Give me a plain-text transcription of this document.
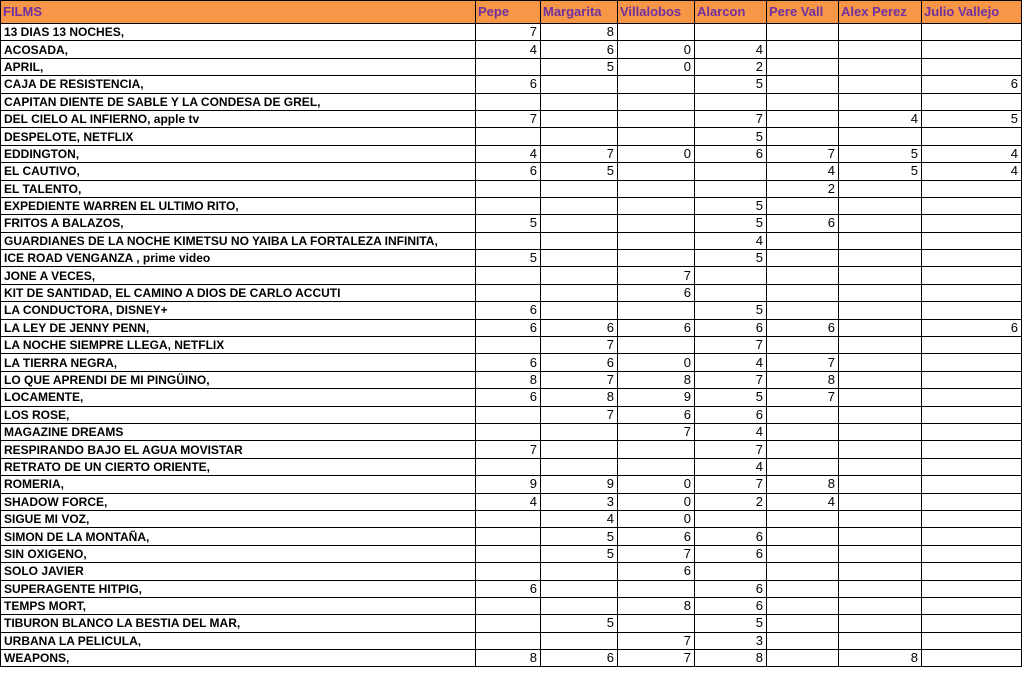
FILMS	Pepe	Margarita	Villalobos	Alarcon	Pere Vall	Alex Perez	Julio Vallejo
13 DIAS 13 NOCHES,	7	8					
ACOSADA,	4	6	0	4			
APRIL,		5	0	2			
CAJA DE RESISTENCIA,	6			5			6
CAPITAN DIENTE DE SABLE Y LA CONDESA DE GREL,							
DEL CIELO AL INFIERNO, apple tv	7			7		4	5
DESPELOTE, NETFLIX				5			
EDDINGTON,	4	7	0	6	7	5	4
EL CAUTIVO,	6	5			4	5	4
EL TALENTO,					2		
EXPEDIENTE WARREN EL ULTIMO RITO,				5			
FRITOS A BALAZOS,	5			5	6		
GUARDIANES DE LA NOCHE KIMETSU NO YAIBA LA FORTALEZA INFINITA,				4			
ICE ROAD VENGANZA , prime video	5			5			
JONE A VECES,			7				
KIT DE SANTIDAD, EL CAMINO A DIOS DE CARLO ACCUTI			6				
LA CONDUCTORA, DISNEY+	6			5			
LA LEY DE JENNY PENN,	6	6	6	6	6		6
LA NOCHE SIEMPRE LLEGA, NETFLIX		7		7			
LA TIERRA NEGRA,	6	6	0	4	7		
LO QUE APRENDI DE MI PINGÜINO,	8	7	8	7	8		
LOCAMENTE,	6	8	9	5	7		
LOS ROSE,		7	6	6			
MAGAZINE DREAMS			7	4			
RESPIRANDO BAJO EL AGUA MOVISTAR	7			7			
RETRATO DE UN CIERTO ORIENTE,				4			
ROMERIA,	9	9	0	7	8		
SHADOW FORCE,	4	3	0	2	4		
SIGUE MI VOZ,		4	0				
SIMON DE LA MONTAÑA,		5	6	6			
SIN OXIGENO,		5	7	6			
SOLO JAVIER			6				
SUPERAGENTE HITPIG,	6			6			
TEMPS MORT,			8	6			
TIBURON BLANCO LA BESTIA DEL MAR,		5		5			
URBANA LA PELICULA,			7	3			
WEAPONS,	8	6	7	8		8	
